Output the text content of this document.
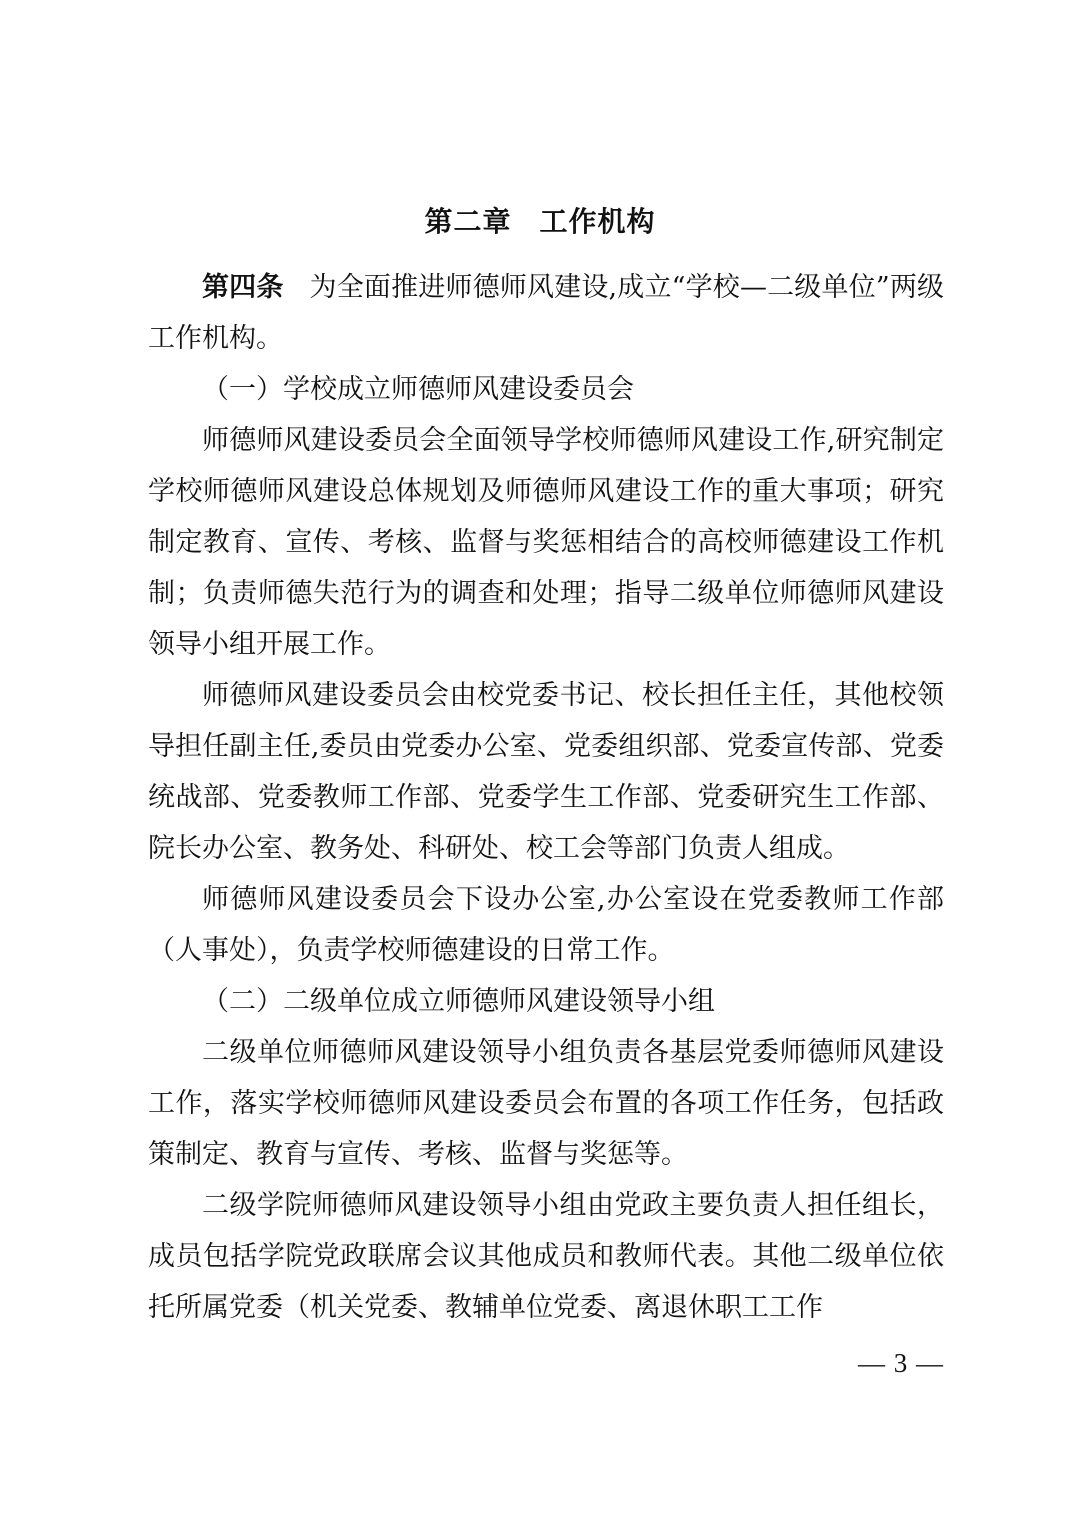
第二章 工作机构

第四条 为全面推进师德师风建设,成立“学校—二级单位”两级工作机构。

（一）学校成立师德师风建设委员会

师德师风建设委员会全面领导学校师德师风建设工作,研究制定学校师德师风建设总体规划及师德师风建设工作的重大事项；研究制定教育、宣传、考核、监督与奖惩相结合的高校师德建设工作机制；负责师德失范行为的调查和处理；指导二级单位师德师风建设领导小组开展工作。

师德师风建设委员会由校党委书记、校长担任主任，其他校领导担任副主任,委员由党委办公室、党委组织部、党委宣传部、党委统战部、党委教师工作部、党委学生工作部、党委研究生工作部、院长办公室、教务处、科研处、校工会等部门负责人组成。

师德师风建设委员会下设办公室,办公室设在党委教师工作部（人事处），负责学校师德建设的日常工作。

（二）二级单位成立师德师风建设领导小组

二级单位师德师风建设领导小组负责各基层党委师德师风建设工作，落实学校师德师风建设委员会布置的各项工作任务，包括政策制定、教育与宣传、考核、监督与奖惩等。

二级学院师德师风建设领导小组由党政主要负责人担任组长，成员包括学院党政联席会议其他成员和教师代表。其他二级单位依托所属党委（机关党委、教辅单位党委、离退休职工工作

— 3 —
